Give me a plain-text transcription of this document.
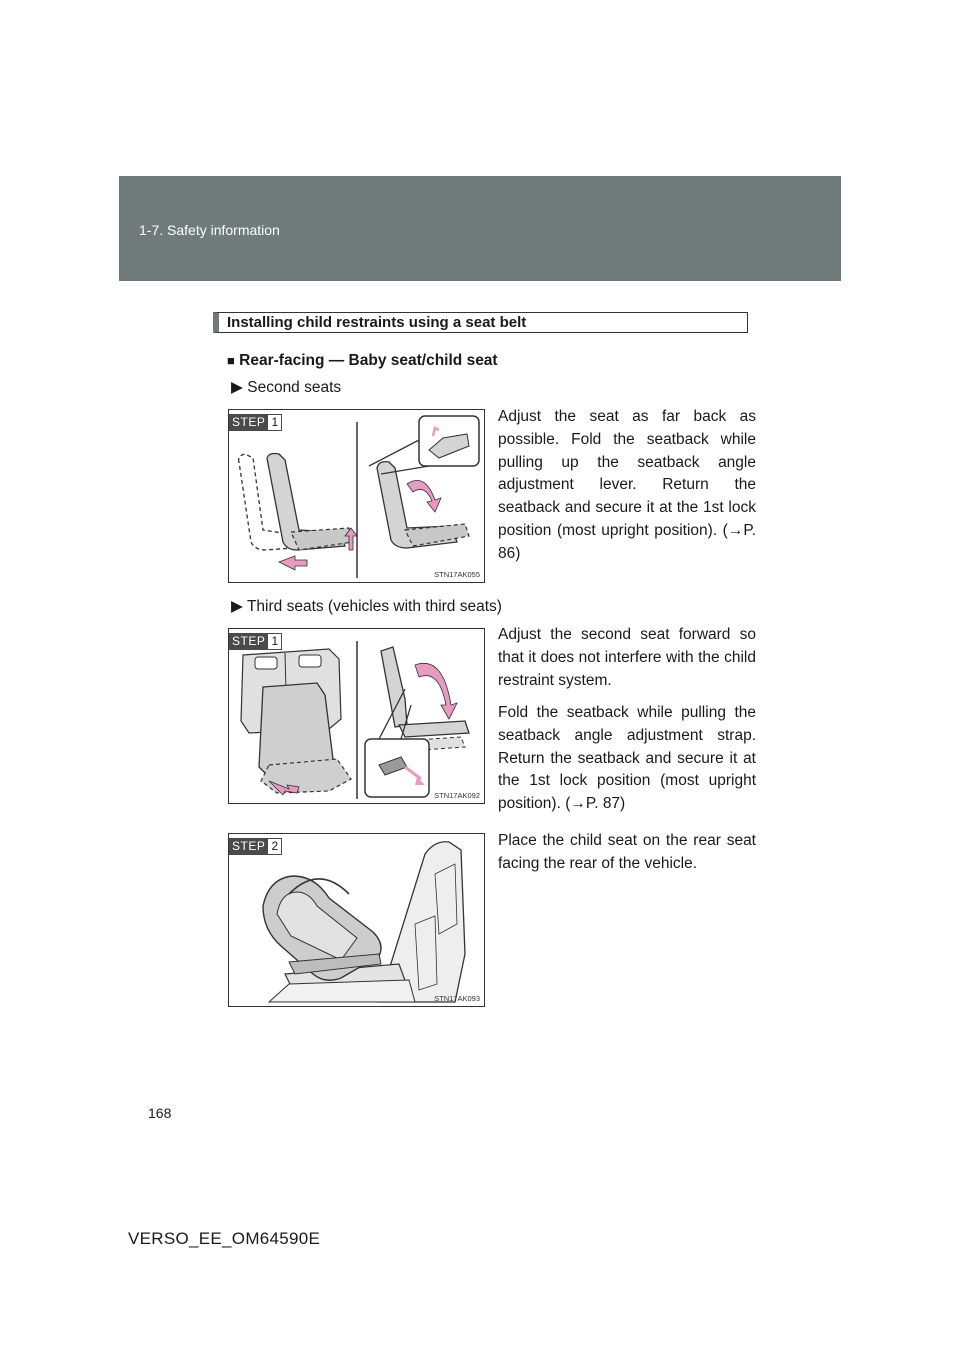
1-7. Safety information
Installing child restraints using a seat belt
■ Rear-facing — Baby seat/child seat
▶ Second seats
STEP 1
STN17AK055
Adjust the seat as far back as possible. Fold the seatback while pulling up the seatback angle adjustment lever. Return the seatback and secure it at the 1st lock position (most upright position). (→P. 86)
▶ Third seats (vehicles with third seats)
STEP 1
STN17AK092
Adjust the second seat forward so that it does not interfere with the child restraint system.
Fold the seatback while pulling the seatback angle adjustment strap. Return the seatback and secure it at the 1st lock position (most upright position). (→P. 87)
STEP 2
STN17AK093
Place the child seat on the rear seat facing the rear of the vehicle.
168
VERSO_EE_OM64590E
